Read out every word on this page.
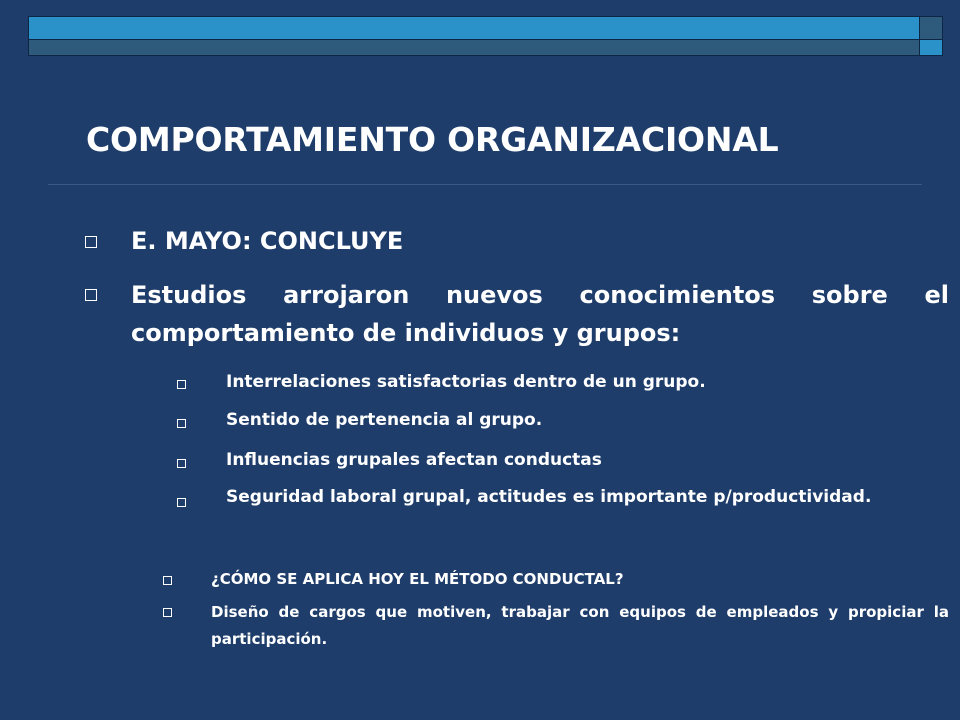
COMPORTAMIENTO ORGANIZACIONAL

E. MAYO: CONCLUYE

Estudios arrojaron nuevos conocimientos sobre el comportamiento de individuos y grupos:

Interrelaciones satisfactorias dentro de un grupo.

Sentido de pertenencia al grupo.

Influencias grupales afectan conductas

Seguridad laboral grupal, actitudes es importante p/productividad.

¿CÓMO SE APLICA HOY EL MÉTODO CONDUCTAL?

Diseño de cargos que motiven, trabajar con equipos de empleados y propiciar la participación.
